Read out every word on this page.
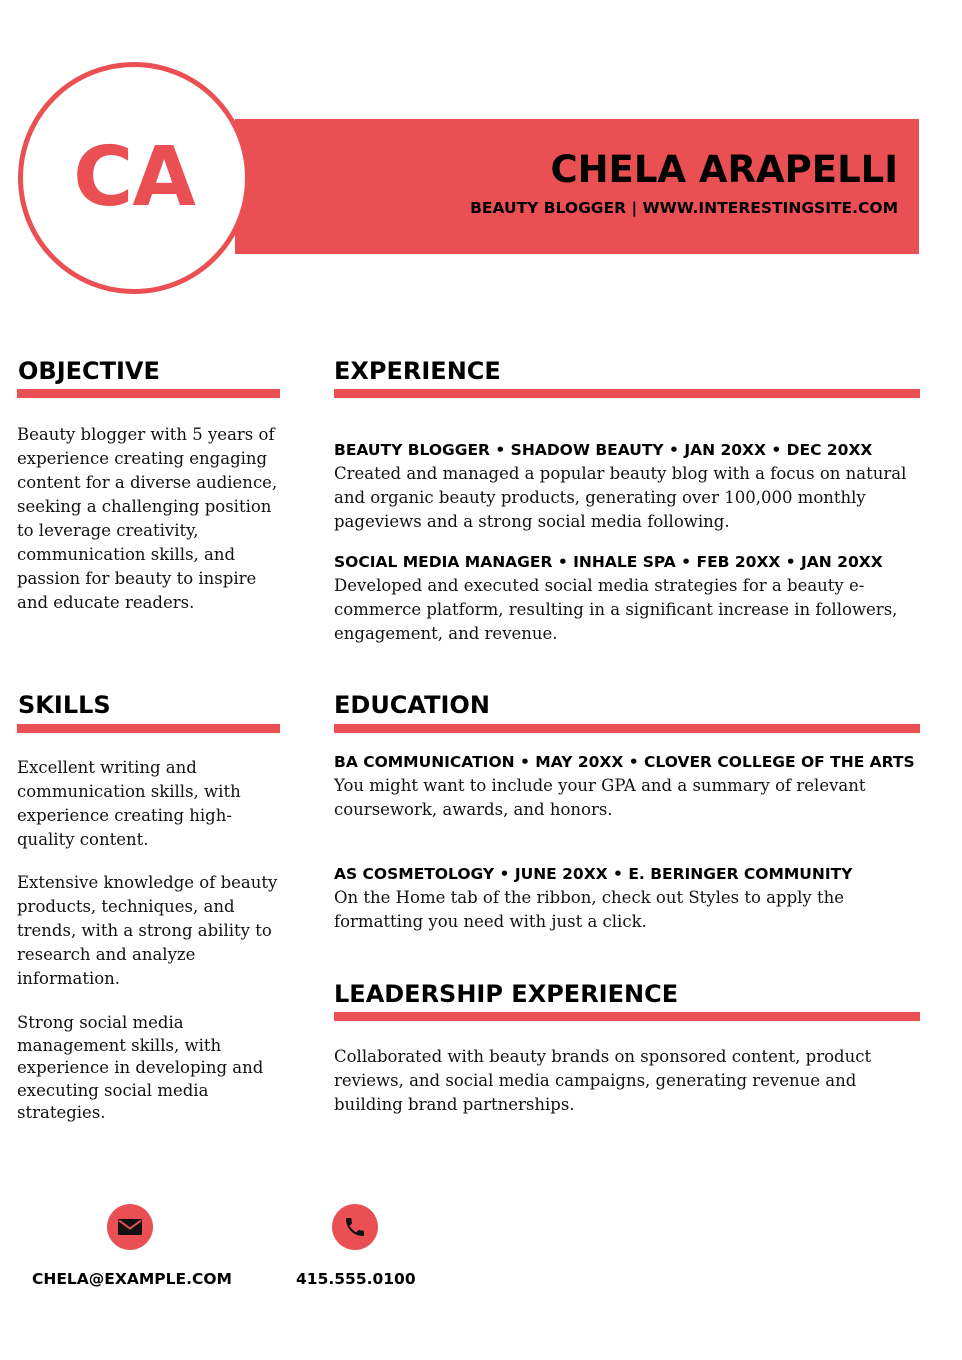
CA	CHELA ARAPELLI
BEAUTY BLOGGER | WWW.INTERESTINGSITE.COM
OBJECTIVE
Beauty blogger with 5 years of experience creating engaging content for a diverse audience, seeking a challenging position to leverage creativity, communication skills, and passion for beauty to inspire and educate readers.
SKILLS
Excellent writing and communication skills, with experience creating high-quality content.
Extensive knowledge of beauty products, techniques, and trends, with a strong ability to research and analyze information.
Strong social media management skills, with experience in developing and executing social media strategies.
EXPERIENCE
BEAUTY BLOGGER • SHADOW BEAUTY • JAN 20XX • DEC 20XX
Created and managed a popular beauty blog with a focus on natural and organic beauty products, generating over 100,000 monthly pageviews and a strong social media following.
SOCIAL MEDIA MANAGER • INHALE SPA • FEB 20XX • JAN 20XX
Developed and executed social media strategies for a beauty e-commerce platform, resulting in a significant increase in followers, engagement, and revenue.
EDUCATION
BA COMMUNICATION • MAY 20XX • CLOVER COLLEGE OF THE ARTS
You might want to include your GPA and a summary of relevant coursework, awards, and honors.
AS COSMETOLOGY • JUNE 20XX • E. BERINGER COMMUNITY
On the Home tab of the ribbon, check out Styles to apply the formatting you need with just a click.
LEADERSHIP EXPERIENCE
Collaborated with beauty brands on sponsored content, product reviews, and social media campaigns, generating revenue and building brand partnerships.
CHELA@EXAMPLE.COM	415.555.0100
